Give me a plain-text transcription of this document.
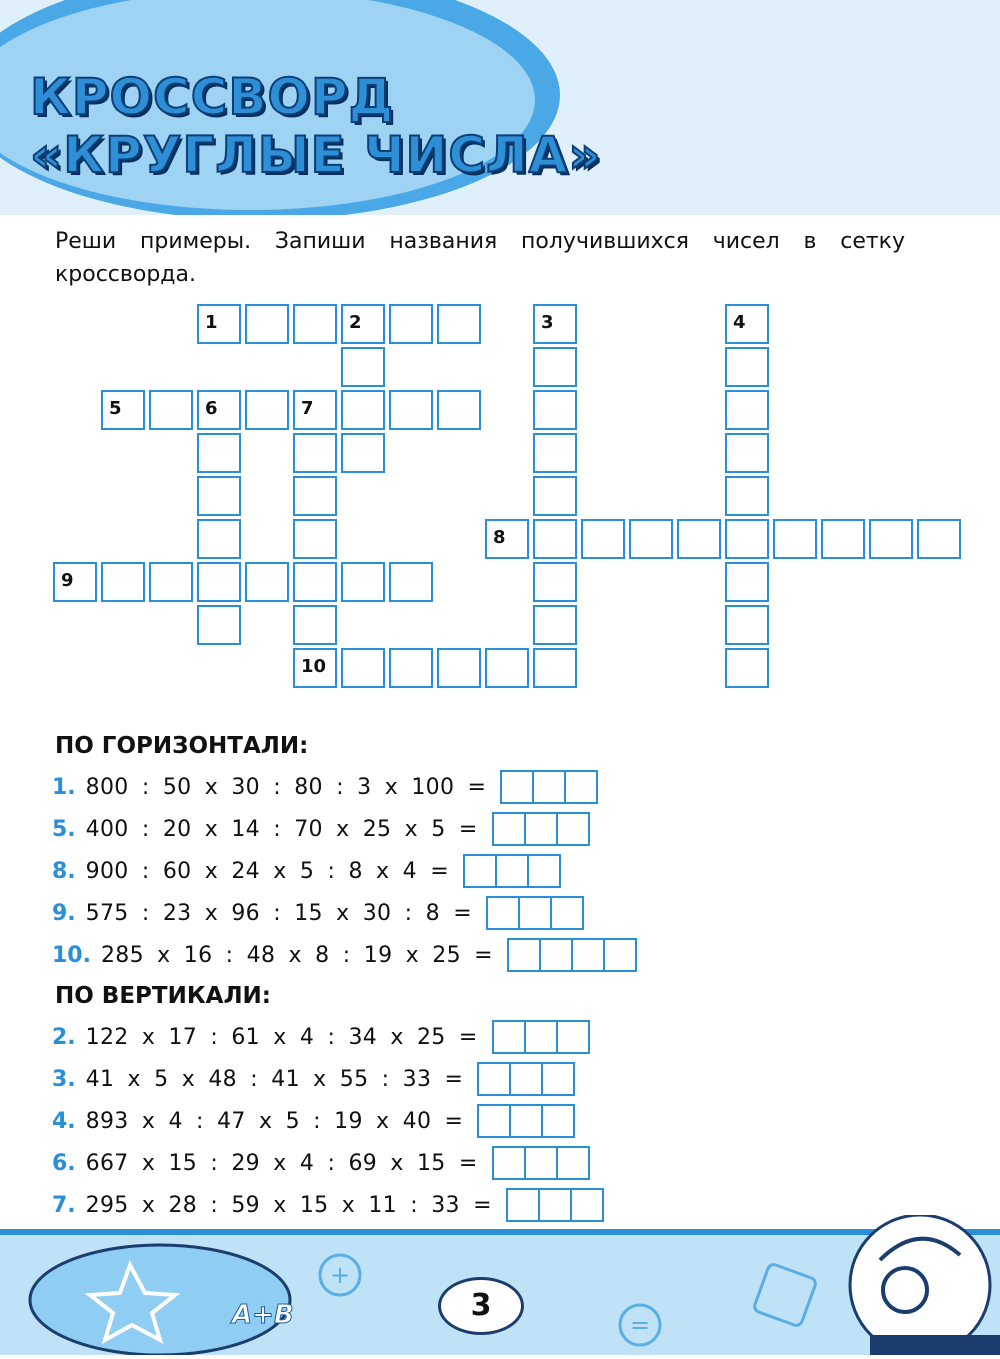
КРОССВОРД
«КРУГЛЫЕ ЧИСЛА»

Реши примеры. Запиши названия получившихся чисел в сетку кроссворда.

1	2	3	4
5	6	7
10
8
9
ПО ГОРИЗОНТАЛИ:
1. 800 : 50 x 30 : 80 : 3 x 100 =
5. 400 : 20 x 14 : 70 x 25 x 5 =
8. 900 : 60 x 24 x 5 : 8 x 4 =
9. 575 : 23 x 96 : 15 x 30 : 8 =
10. 285 x 16 : 48 x 8 : 19 x 25 =
ПО ВЕРТИКАЛИ:
2. 122 x 17 : 61 x 4 : 34 x 25 =
3. 41 x 5 x 48 : 41 x 55 : 33 =
4. 893 x 4 : 47 x 5 : 19 x 40 =
6. 667 x 15 : 29 x 4 : 69 x 15 =
7. 295 x 28 : 59 x 15 x 11 : 33 =
+
=
A+B	3
